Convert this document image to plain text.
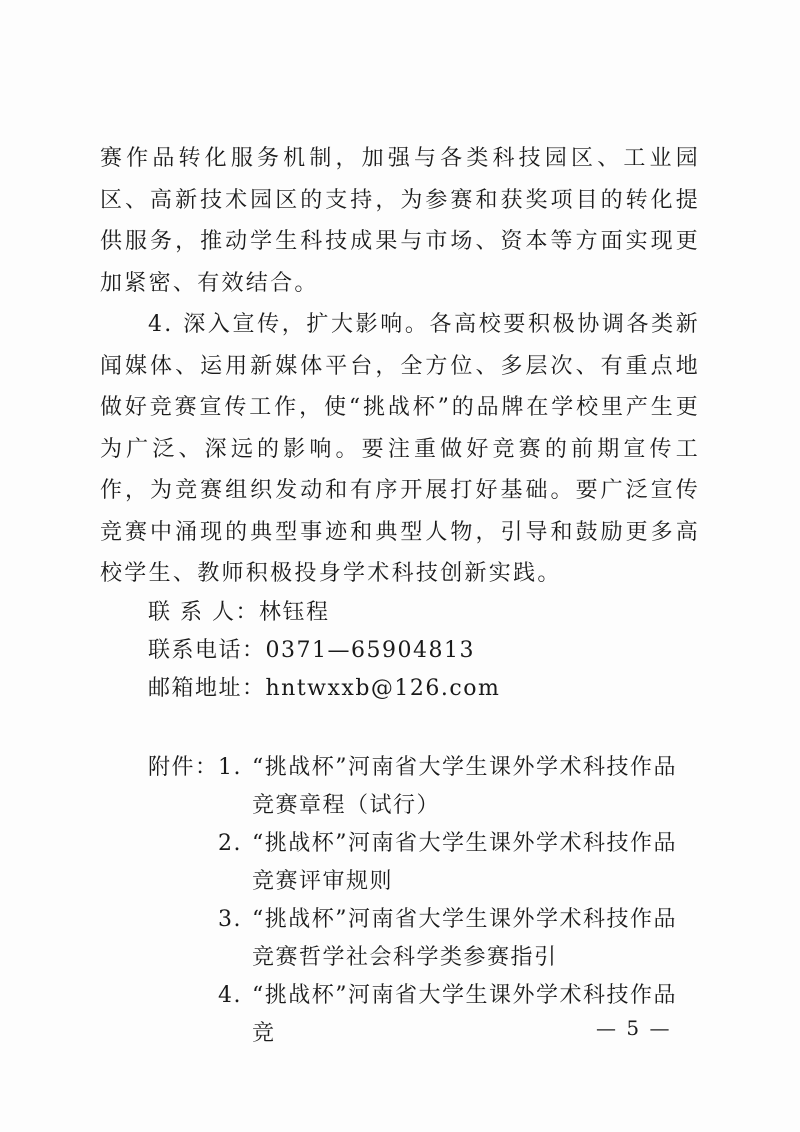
赛作品转化服务机制，加强与各类科技园区、工业园区、高新技术园区的支持，为参赛和获奖项目的转化提供服务，推动学生科技成果与市场、资本等方面实现更加紧密、有效结合。

4. 深入宣传，扩大影响。各高校要积极协调各类新闻媒体、运用新媒体平台，全方位、多层次、有重点地做好竞赛宣传工作，使“挑战杯”的品牌在学校里产生更为广泛、深远的影响。要注重做好竞赛的前期宣传工作，为竞赛组织发动和有序开展打好基础。要广泛宣传竞赛中涌现的典型事迹和典型人物，引导和鼓励更多高校学生、教师积极投身学术科技创新实践。

联 系 人：林钰程
联系电话：0371—65904813
邮箱地址：hntwxxb@126.com
附件： 1. “挑战杯”河南省大学生课外学术科技作品竞赛章程（试行）
2. “挑战杯”河南省大学生课外学术科技作品竞赛评审规则
3. “挑战杯”河南省大学生课外学术科技作品竞赛哲学社会科学类参赛指引
4. “挑战杯”河南省大学生课外学术科技作品竞	— 5 —
